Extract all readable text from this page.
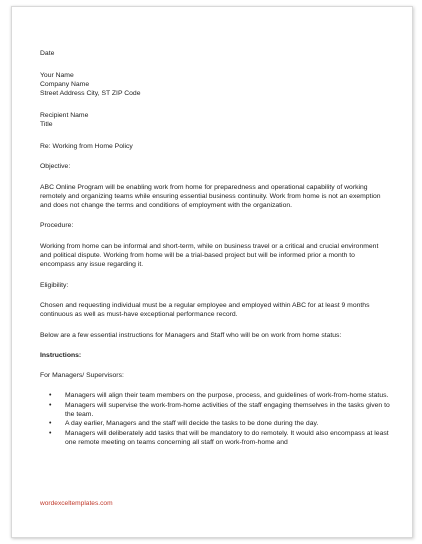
Date

Your Name

Company Name

Street Address City, ST ZIP Code

Recipient Name

Title

Re: Working from Home Policy

Objective:

ABC Online Program will be enabling work from home for preparedness and operational capability of working remotely and organizing teams while ensuring essential business continuity. Work from home is not an exemption and does not change the terms and conditions of employment with the organization.

Procedure:

Working from home can be informal and short-term, while on business travel or a critical and crucial environment and political dispute. Working from home will be a trial-based project but will be informed prior a month to encompass any issue regarding it.

Eligibility:

Chosen and requesting individual must be a regular employee and employed within ABC for at least 9 months continuous as well as must-have exceptional performance record.

Below are a few essential instructions for Managers and Staff who will be on work from home status:

Instructions:

For Managers/ Supervisors:

• Managers will align their team members on the purpose, process, and guidelines of work-from-home status.
• Managers will supervise the work-from-home activities of the staff engaging themselves in the tasks given to the team.
• A day earlier, Managers and the staff will decide the tasks to be done during the day.
• Managers will deliberately add tasks that will be mandatory to do remotely. It would also encompass at least one remote meeting on teams concerning all staff on work-from-home and
wordexceltemplates.com
